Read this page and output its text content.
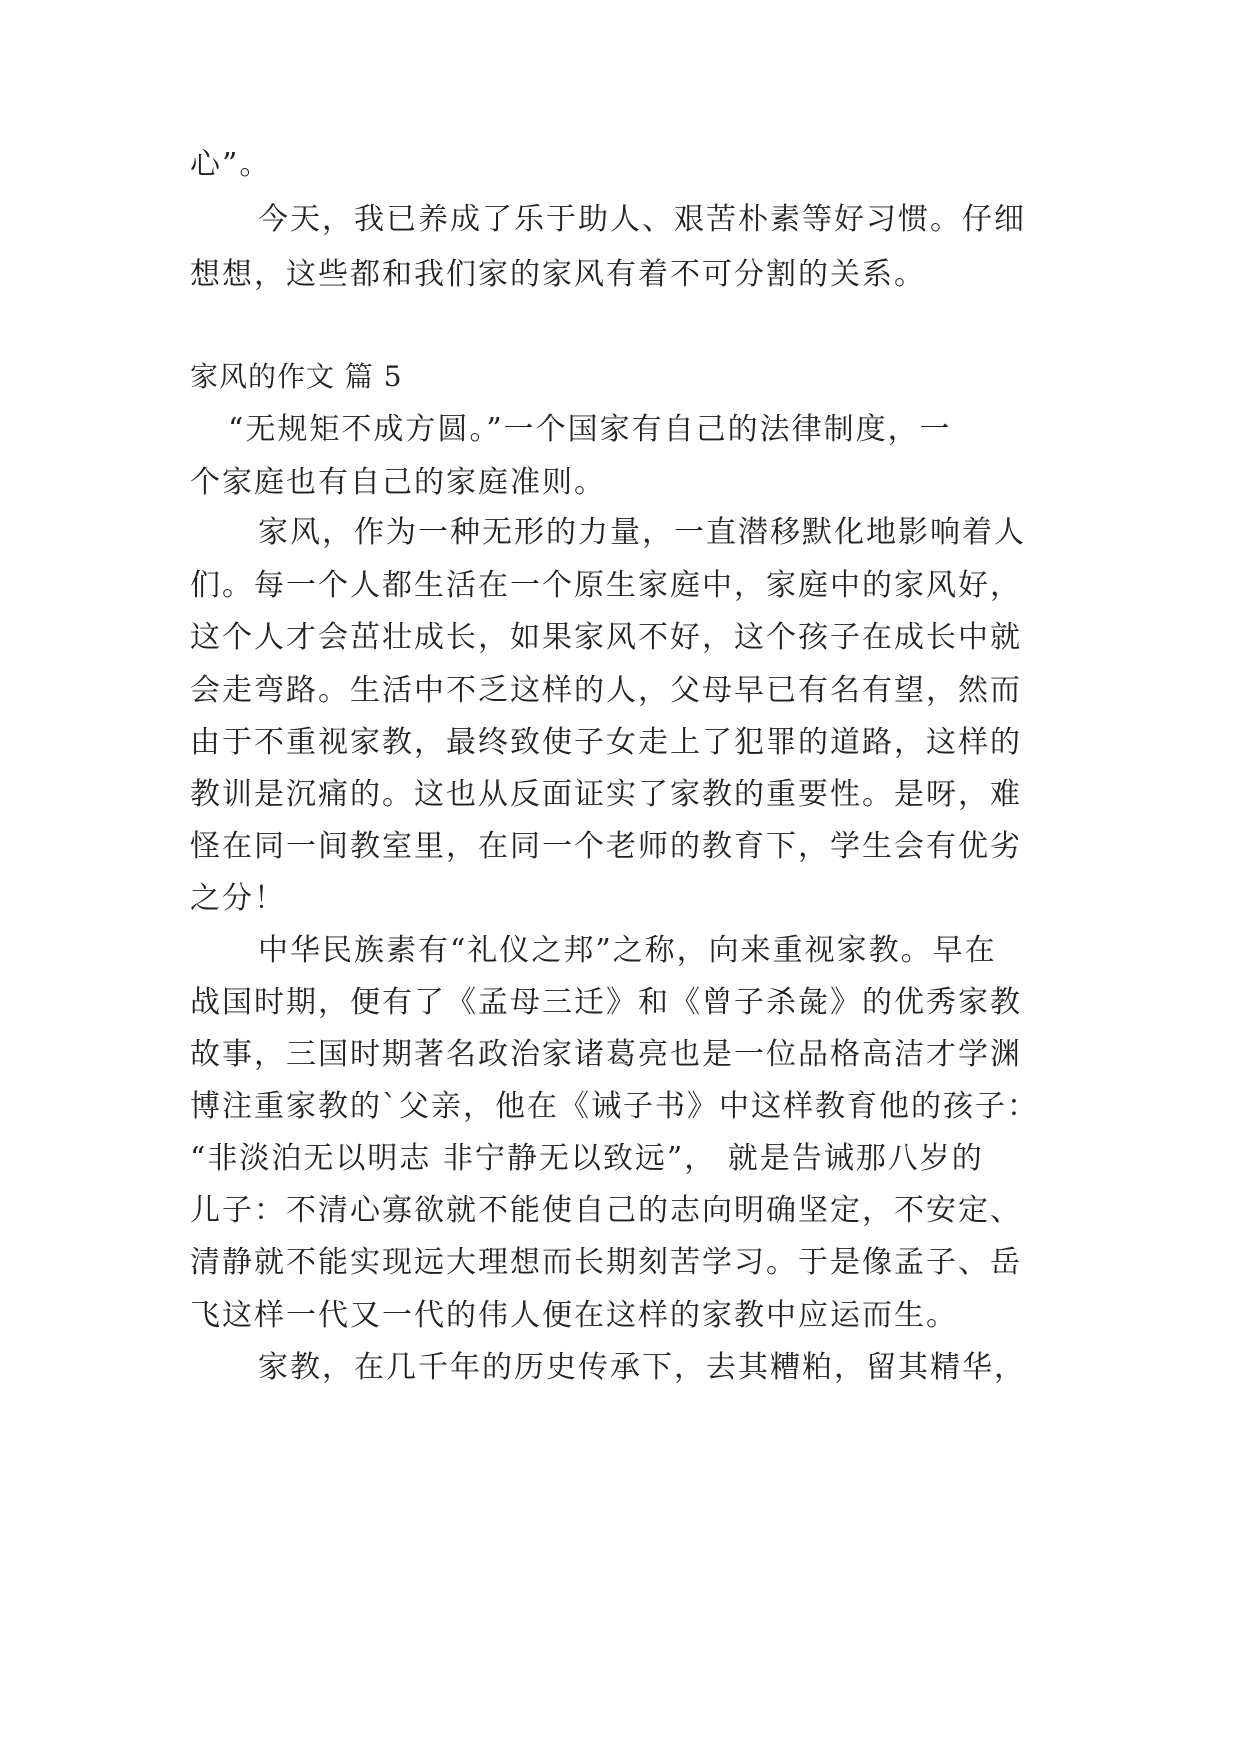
心”。
今天，我已养成了乐于助人、艰苦朴素等好习惯。仔细
想想，这些都和我们家的家风有着不可分割的关系。
家风的作文 篇 5
“无规矩不成方圆。”一个国家有自己的法律制度，一
个家庭也有自己的家庭准则。
家风，作为一种无形的力量，一直潜移默化地影响着人
们。每一个人都生活在一个原生家庭中，家庭中的家风好，
这个人才会茁壮成长，如果家风不好，这个孩子在成长中就
会走弯路。生活中不乏这样的人，父母早已有名有望，然而
由于不重视家教，最终致使子女走上了犯罪的道路，这样的
教训是沉痛的。这也从反面证实了家教的重要性。是呀，难
怪在同一间教室里，在同一个老师的教育下，学生会有优劣
之分！
中华民族素有“礼仪之邦”之称，向来重视家教。早在
战国时期，便有了《孟母三迁》和《曾子杀彘》的优秀家教
故事，三国时期著名政治家诸葛亮也是一位品格高洁才学渊
博注重家教的`父亲，他在《诫子书》中这样教育他的孩子：
“非淡泊无以明志 非宁静无以致远”， 就是告诫那八岁的
儿子：不清心寡欲就不能使自己的志向明确坚定，不安定、
清静就不能实现远大理想而长期刻苦学习。于是像孟子、岳
飞这样一代又一代的伟人便在这样的家教中应运而生。
家教，在几千年的历史传承下，去其糟粕，留其精华，
